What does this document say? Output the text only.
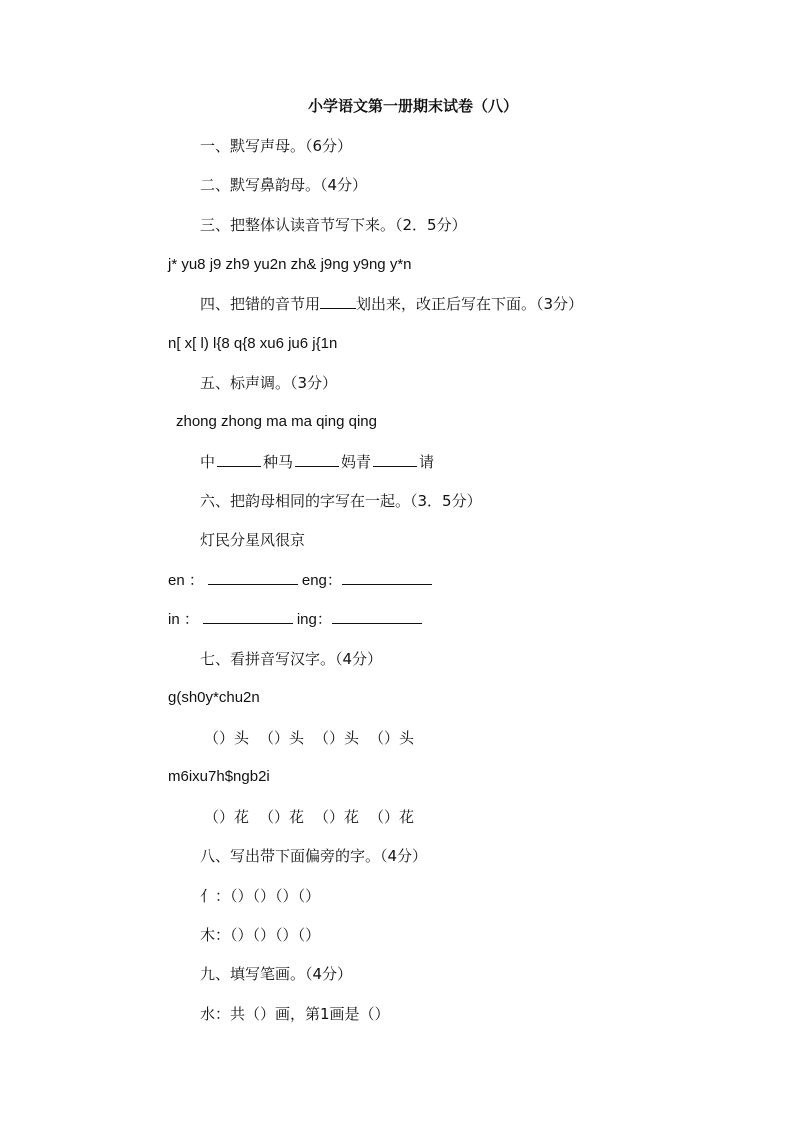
小学语文第一册期末试卷（八）
一、默写声母。（6分）
二、默写鼻韵母。（4分）
三、把整体认读音节写下来。（2．5分）
j* yu8 j9 zh9 yu2n zh& j9ng y9ng y*n
四、把错的音节用 划出来，改正后写在下面。（3分）
n[ x[ l) l{8 q{8 xu6 ju6 j{1n
五、标声调。（3分）
zhong zhong ma ma qing qing
中	种马	妈青	请
六、把韵母相同的字写在一起。（3．5分）
灯民分星风很京
en ：	eng：
in ：	ing：
七、看拼音写汉字。（4分）
g(sh0y*chu2n
（）头 （）头 （）头 （）头
m6ixu7h$ngb2i
（）花 （）花 （）花 （）花
八、写出带下面偏旁的字。（4分）
亻：（）（）（）（）
木：（）（）（）（）
九、填写笔画。（4分）
水：共（）画，第1画是（）
